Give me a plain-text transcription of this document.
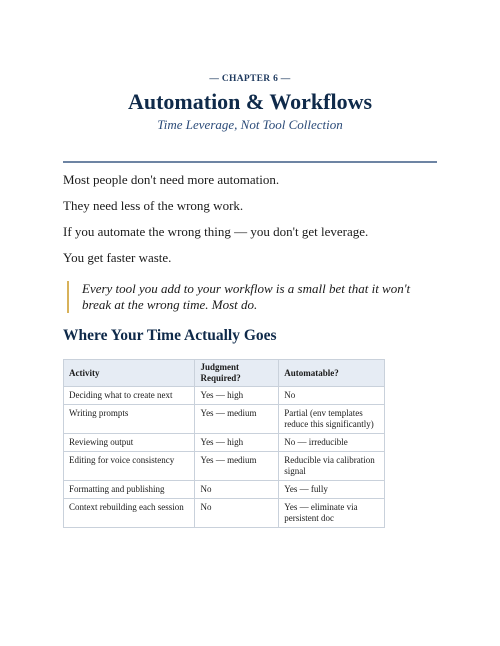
— CHAPTER 6 —
Automation & Workflows
Time Leverage, Not Tool Collection

Most people don't need more automation.

They need less of the wrong work.

If you automate the wrong thing — you don't get leverage.

You get faster waste.

Every tool you add to your workflow is a small bet that it won't break at the wrong time. Most do.
Where Your Time Actually Goes
Activity	Judgment Required?	Automatable?
Deciding what to create next	Yes — high	No
Writing prompts	Yes — medium	Partial (env templates reduce this significantly)
Reviewing output	Yes — high	No — irreducible
Editing for voice consistency	Yes — medium	Reducible via calibration signal
Formatting and publishing	No	Yes — fully
Context rebuilding each session	No	Yes — eliminate via persistent doc
